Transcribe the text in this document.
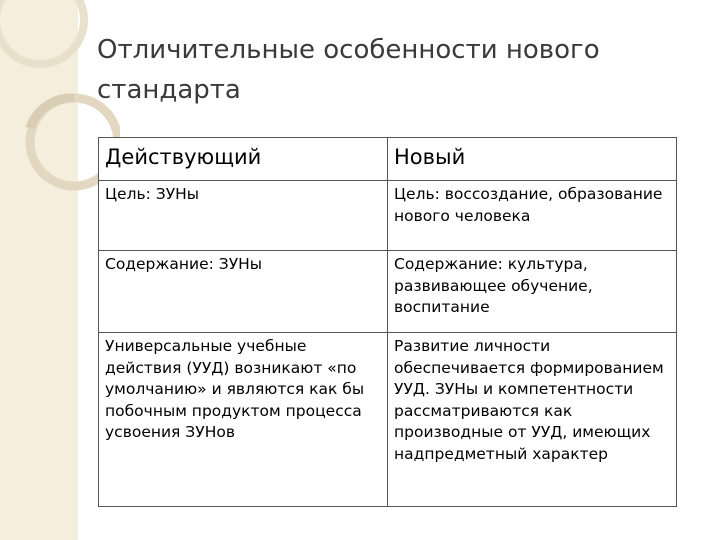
Отличительные особенности нового стандарта
Действующий	Новый
Цель: ЗУНы	Цель: воссоздание, образование нового человека
Содержание: ЗУНы	Содержание: культура, развивающее обучение, воспитание
Универсальные учебные действия (УУД) возникают «по умолчанию» и являются как бы побочным продуктом процесса усвоения ЗУНов	Развитие личности обеспечивается формированием УУД. ЗУНы и компетентности рассматриваются как производные от УУД, имеющих надпредметный характер
